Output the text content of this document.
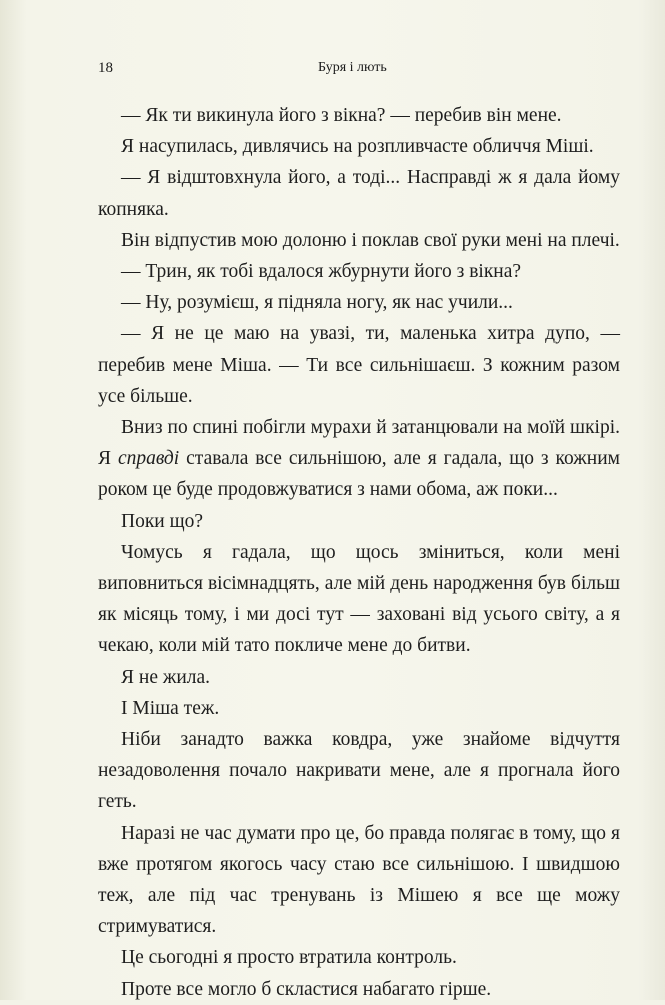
18	Буря і лють

— Як ти викинула його з вікна? — перебив він мене.

Я насупилась, дивлячись на розпливчасте обличчя Міші.

— Я відштовхнула його, а тоді... Насправді ж я дала йому копняка.

Він відпустив мою долоню і поклав свої руки мені на плечі.

— Трин, як тобі вдалося жбурнути його з вікна?

— Ну, розумієш, я підняла ногу, як нас учили...

— Я не це маю на увазі, ти, маленька хитра дупо, — перебив мене Міша. — Ти все сильнішаєш. З кожним разом усе більше.

Вниз по спині побігли мурахи й затанцювали на моїй шкірі. Я справді ставала все сильнішою, але я гадала, що з кожним роком це буде продовжуватися з нами обома, аж поки...

Поки що?

Чомусь я гадала, що щось зміниться, коли мені виповниться вісімнадцять, але мій день народження був більш як місяць тому, і ми досі тут — заховані від усього світу, а я чекаю, коли мій тато покличе мене до битви.

Я не жила.

І Міша теж.

Ніби занадто важка ковдра, уже знайоме відчуття незадоволення почало накривати мене, але я прогнала його геть.

Наразі не час думати про це, бо правда полягає в тому, що я вже протягом якогось часу стаю все сильнішою. І швидшою теж, але під час тренувань із Мішею я все ще можу стримуватися.

Це сьогодні я просто втратила контроль.

Проте все могло б скластися набагато гірше.
